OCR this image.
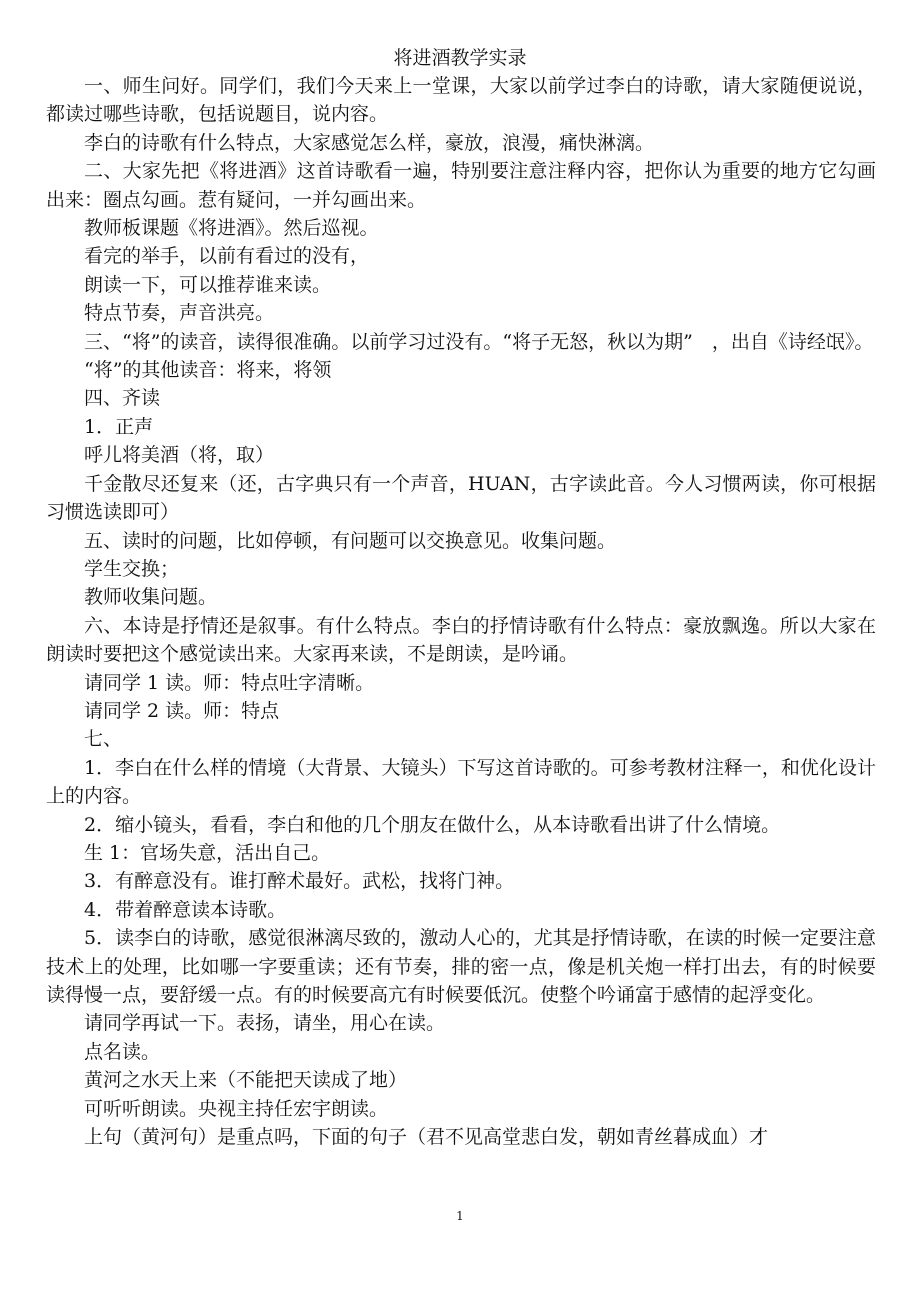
将进酒教学实录

一、师生问好。同学们，我们今天来上一堂课，大家以前学过李白的诗歌，请大家随便说说，都读过哪些诗歌，包括说题目，说内容。

李白的诗歌有什么特点，大家感觉怎么样，豪放，浪漫，痛快淋漓。

二、大家先把《将进酒》这首诗歌看一遍，特别要注意注释内容，把你认为重要的地方它勾画出来：圈点勾画。惹有疑问，一并勾画出来。

教师板课题《将进酒》。然后巡视。

看完的举手，以前有看过的没有，

朗读一下，可以推荐谁来读。

特点节奏，声音洪亮。

三、“将”的读音，读得很准确。以前学习过没有。“将子无怒，秋以为期”　，出自《诗经氓》。

“将”的其他读音：将来，将领

四、齐读

1．正声

呼儿将美酒（将，取）

千金散尽还复来（还，古字典只有一个声音，HUAN，古字读此音。今人习惯两读，你可根据习惯选读即可）

五、读时的问题，比如停顿，有问题可以交换意见。收集问题。

学生交换；

教师收集问题。

六、本诗是抒情还是叙事。有什么特点。李白的抒情诗歌有什么特点：豪放飘逸。所以大家在朗读时要把这个感觉读出来。大家再来读，不是朗读，是吟诵。

请同学 1 读。师：特点吐字清晰。

请同学 2 读。师：特点

七、

1．李白在什么样的情境（大背景、大镜头）下写这首诗歌的。可参考教材注释一，和优化设计上的内容。

2．缩小镜头，看看，李白和他的几个朋友在做什么，从本诗歌看出讲了什么情境。

生 1：官场失意，活出自己。

3．有醉意没有。谁打醉术最好。武松，找将门神。

4．带着醉意读本诗歌。

5．读李白的诗歌，感觉很淋漓尽致的，激动人心的，尤其是抒情诗歌，在读的时候一定要注意技术上的处理，比如哪一字要重读；还有节奏，排的密一点，像是机关炮一样打出去，有的时候要读得慢一点，要舒缓一点。有的时候要高亢有时候要低沉。使整个吟诵富于感情的起浮变化。

请同学再试一下。表扬，请坐，用心在读。

点名读。

黄河之水天上来（不能把天读成了地）

可听听朗读。央视主持任宏宇朗读。

上句（黄河句）是重点吗，下面的句子（君不见高堂悲白发，朝如青丝暮成血）才

1
